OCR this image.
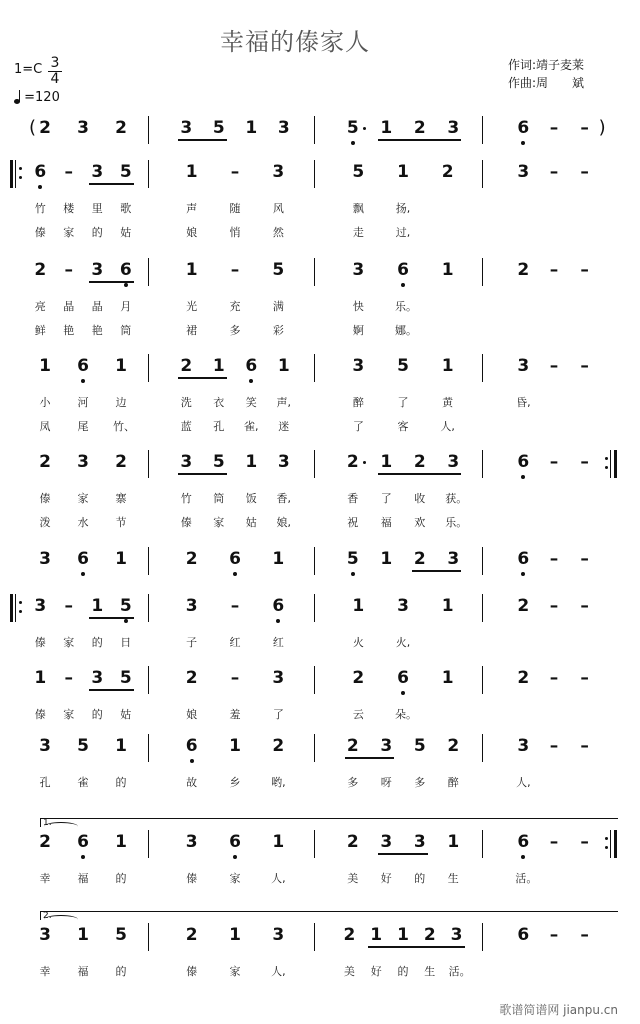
幸福的傣家人
1=C 3
4
=120
作词:靖子麦莱
作曲:周　　斌
( 2 3 2	3 5 1 3	5 1 2 3	6 – – )
6 – 3 5	1 – 3	5 1 2	3 – –
竹 楼 里 歌	声	随	风	飘	扬,
傣 家 的 姑	娘	悄	然	走	过,
2 – 3 6	1 – 5	3 6 1	2 – –
亮 晶 晶 月	光	充	满	快	乐。
鲜 艳 艳 筒	裙	多	彩	婀	娜。
1 6 1	2 1 6 1	3 5 1	3 – –
小 河 边	洗 衣 笑 声,	醉	了	黄	昏,
凤 尾 竹、	蓝 孔 雀, 迷	了	客	人,
2 3 2	3 5 1 3	2 1 2 3	6 – –
傣 家 寨	竹 筒 饭 香,	香 了 收 获。
泼 水 节	傣 家 姑 娘,	祝 福 欢 乐。
3 6 1	2 6 1	5 1 2 3	6 – –
3 – 1 5	3 – 6	1 3 1	2 – –
傣 家 的 日	子	红	红	火	火,
1 – 3 5	2 – 3	2 6 1	2 – –
傣 家 的 姑	娘	羞	了	云	朵。
3 5 1	6 1 2	2 3 5 2	3 – –
孔 雀 的	故	乡	哟,	多 呀 多 醉	人,
1.
2 6 1	3 6 1	2 3 3 1	6 – –
幸 福 的	傣	家	人,	美 好 的 生	活。
2.
3 1 5	2 1 3	2 1 1 2 3	6 – –
幸 福 的	傣	家	人,	美 好 的 生 活。
歌谱简谱网 jianpu.cn
